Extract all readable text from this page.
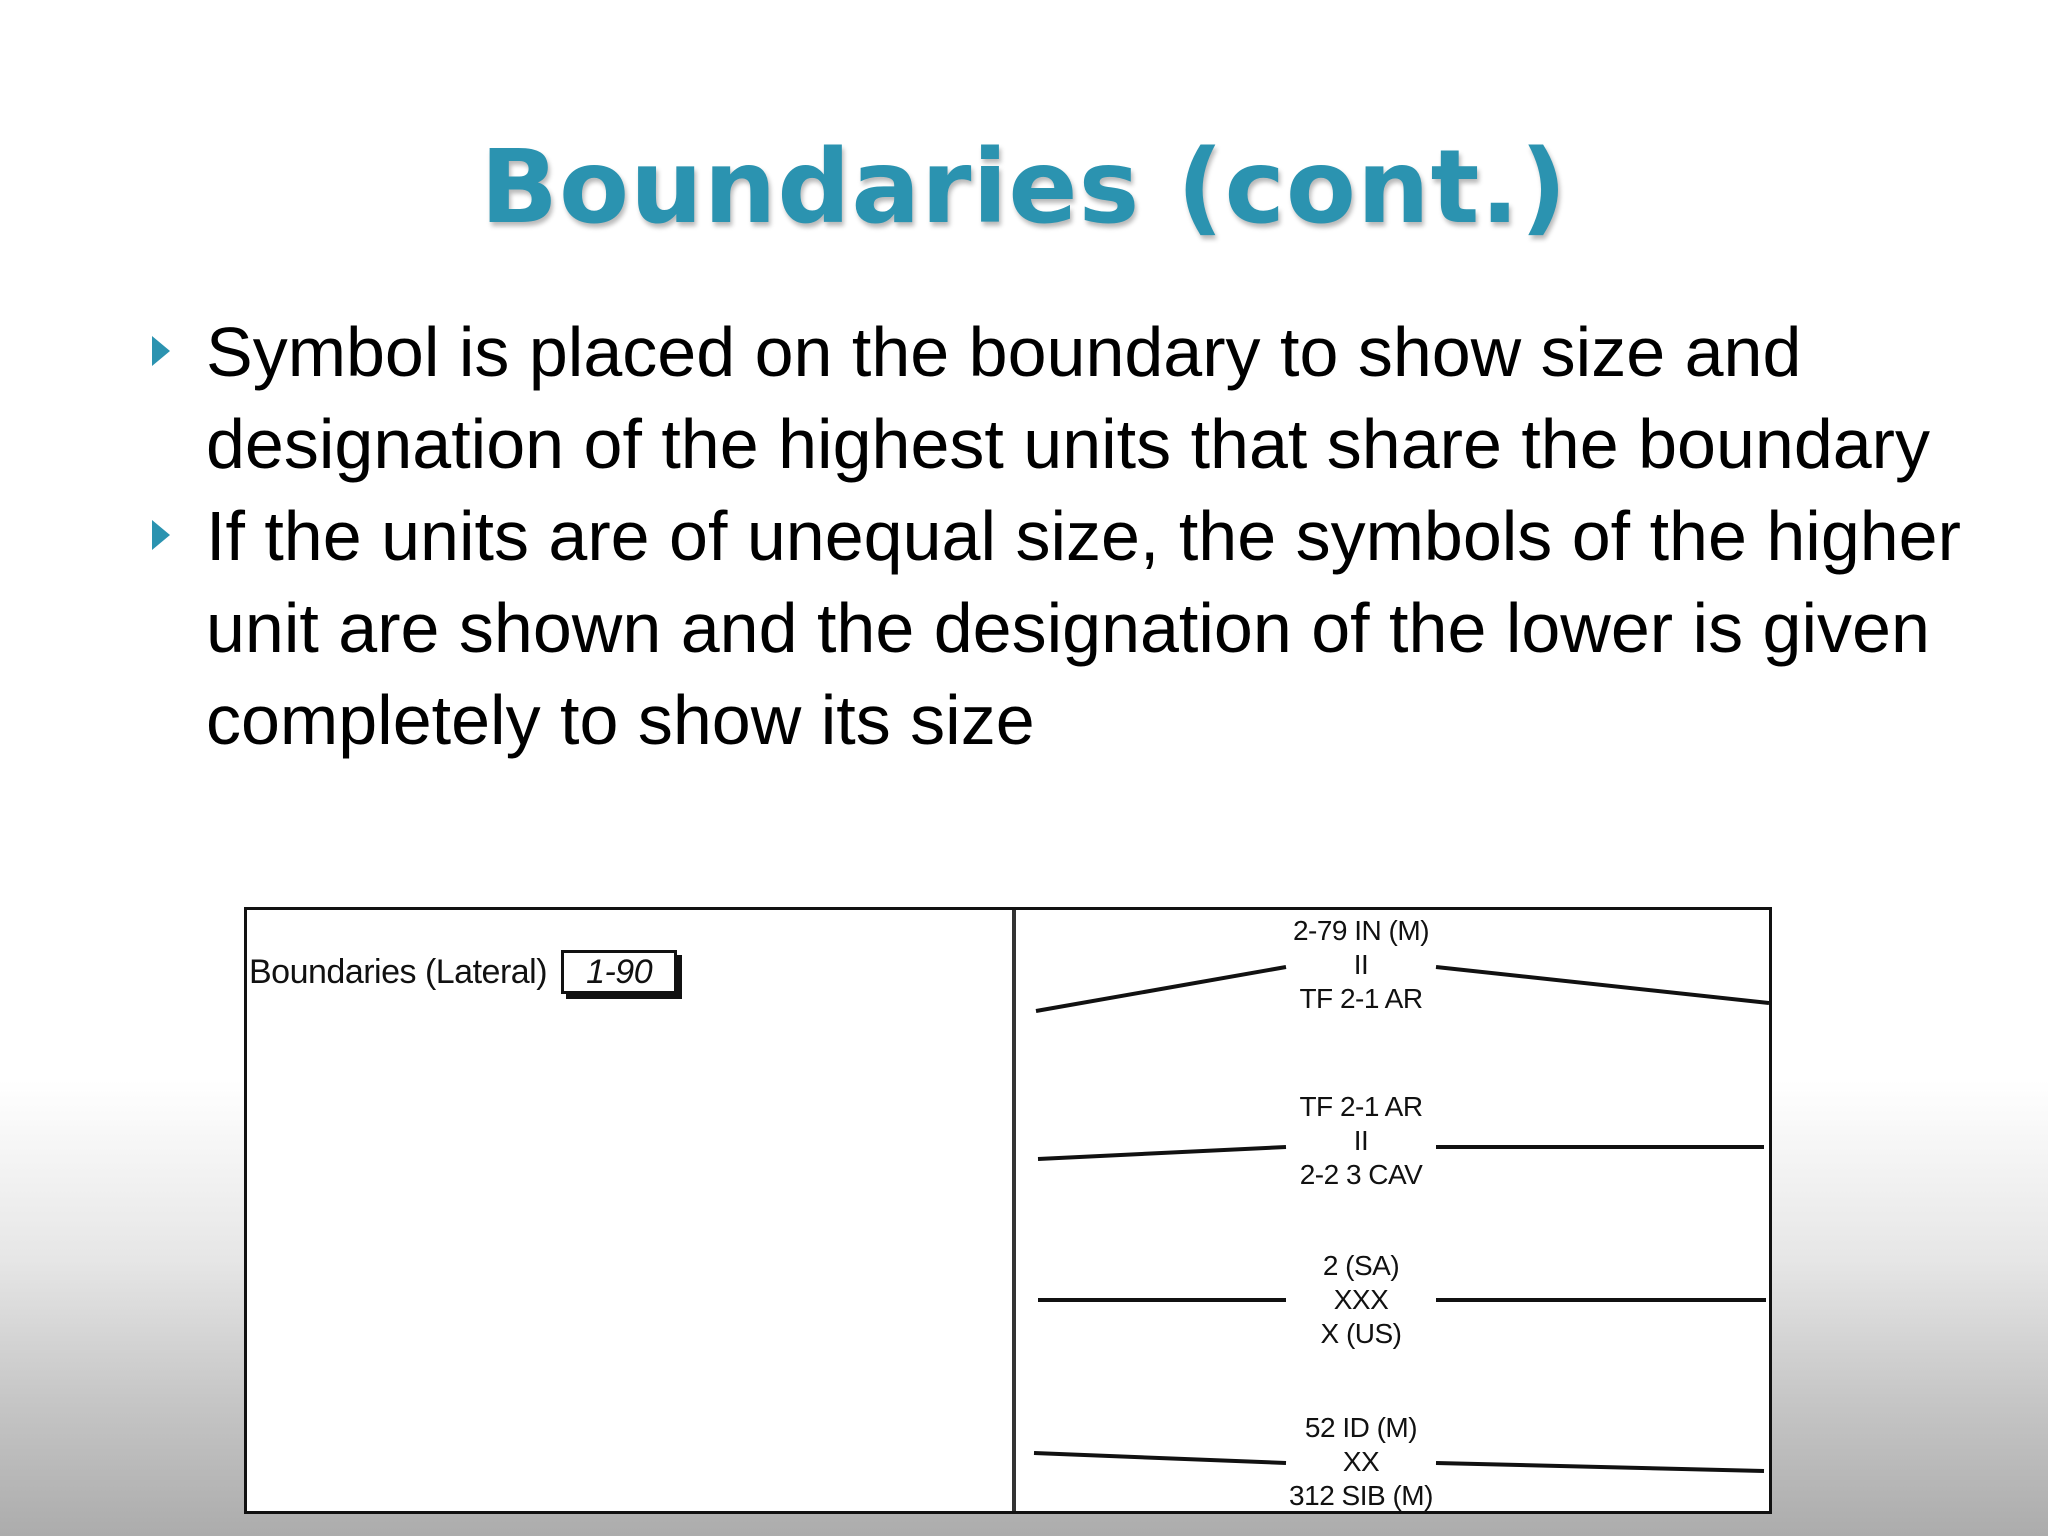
Boundaries (cont.)
Symbol is placed on the boundary to show size and designation of the highest units that share the boundary
If the units are of unequal size, the symbols of the higher unit are shown and the designation of the lower is given completely to show its size
Boundaries (Lateral) 1-90
2-79 IN (M)
II
TF 2-1 AR
TF 2-1 AR
II
2-2 3 CAV
2 (SA)
XXX
X (US)
52 ID (M)
XX
312 SIB (M)
